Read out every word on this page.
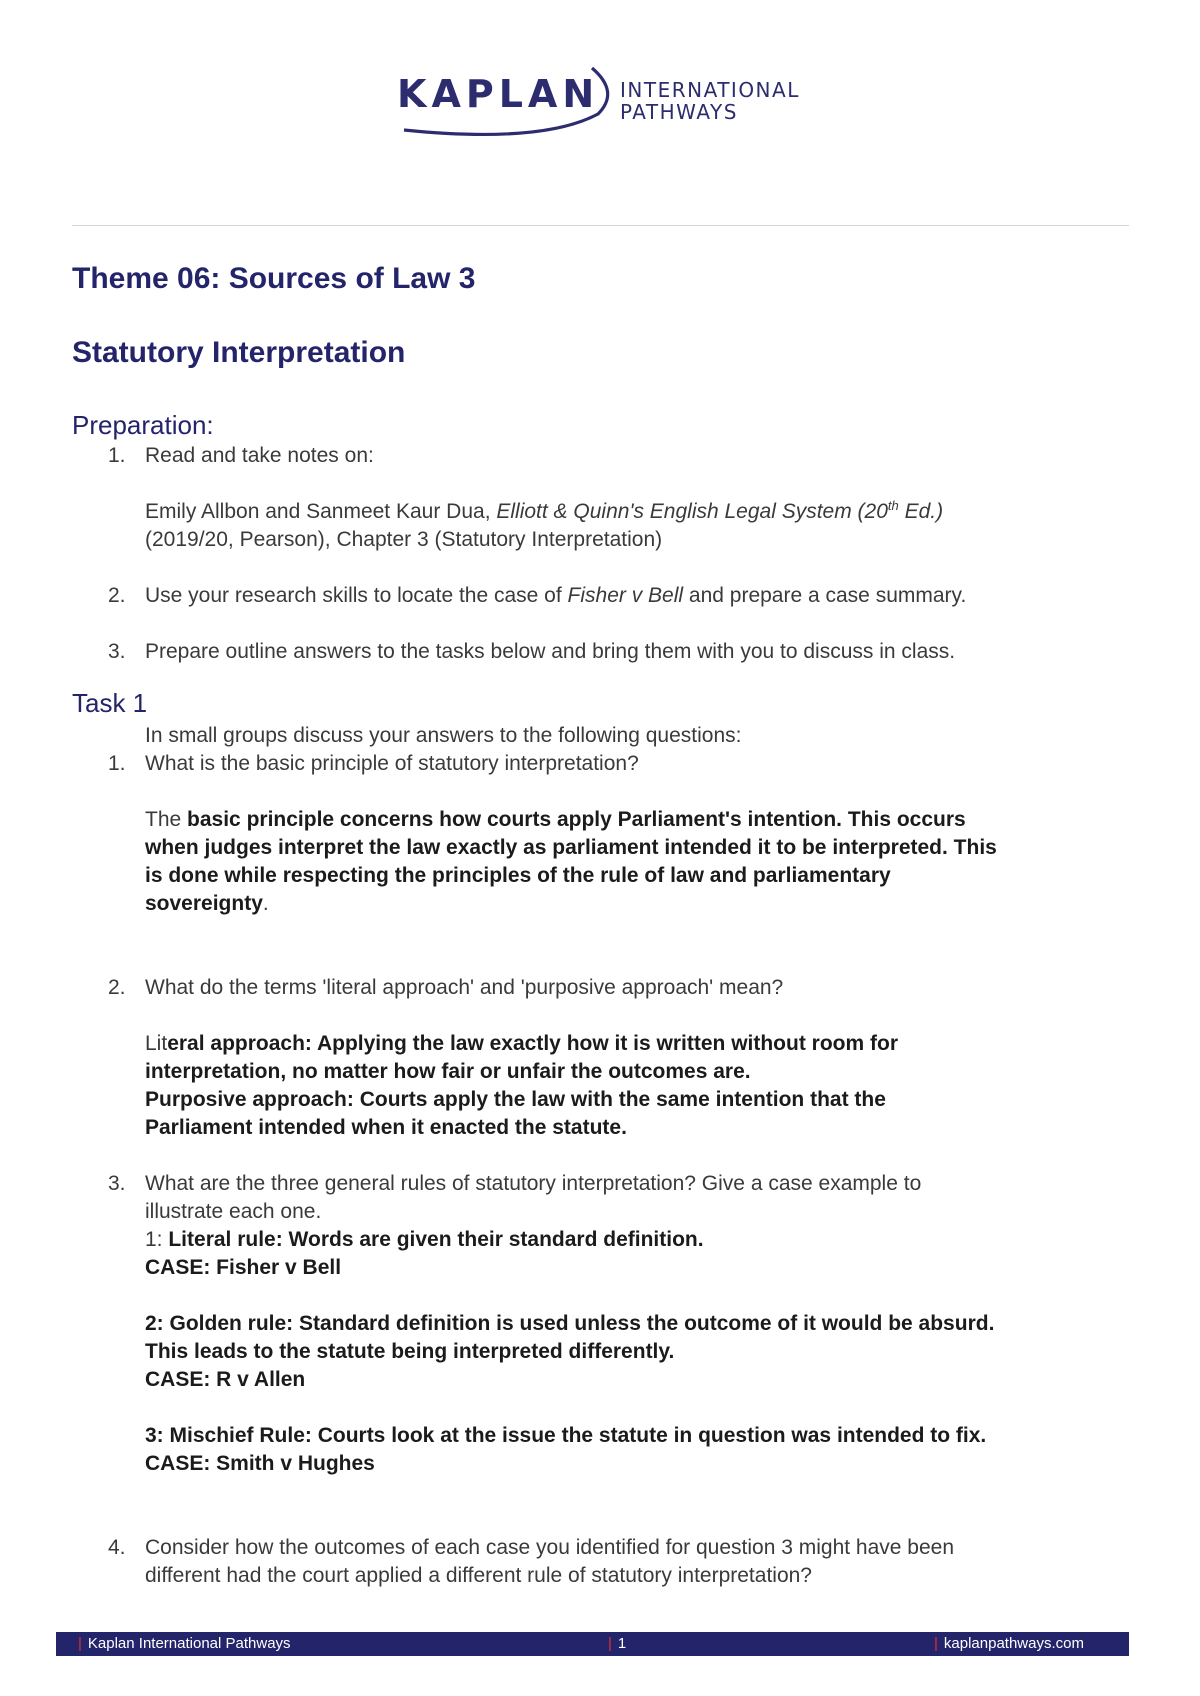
KAPLAN INTERNATIONAL
PATHWAYS
Theme 06: Sources of Law 3
Statutory Interpretation
Preparation:
1. Read and take notes on:
Emily Allbon and Sanmeet Kaur Dua, Elliott & Quinn's English Legal System (20th Ed.)
(2019/20, Pearson), Chapter 3 (Statutory Interpretation)
2. Use your research skills to locate the case of Fisher v Bell and prepare a case summary.
3. Prepare outline answers to the tasks below and bring them with you to discuss in class.
Task 1
In small groups discuss your answers to the following questions:
1. What is the basic principle of statutory interpretation?
The basic principle concerns how courts apply Parliament's intention. This occurs
when judges interpret the law exactly as parliament intended it to be interpreted. This
is done while respecting the principles of the rule of law and parliamentary
sovereignty.
2. What do the terms 'literal approach' and 'purposive approach' mean?
Literal approach: Applying the law exactly how it is written without room for
interpretation, no matter how fair or unfair the outcomes are.
Purposive approach: Courts apply the law with the same intention that the
Parliament intended when it enacted the statute.
3. What are the three general rules of statutory interpretation? Give a case example to
illustrate each one.
1: Literal rule: Words are given their standard definition.
CASE: Fisher v Bell
2: Golden rule: Standard definition is used unless the outcome of it would be absurd.
This leads to the statute being interpreted differently.
CASE: R v Allen
3: Mischief Rule: Courts look at the issue the statute in question was intended to fix.
CASE: Smith v Hughes
4. Consider how the outcomes of each case you identified for question 3 might have been
different had the court applied a different rule of statutory interpretation?
| Kaplan International Pathways	| 1	| kaplanpathways.com
